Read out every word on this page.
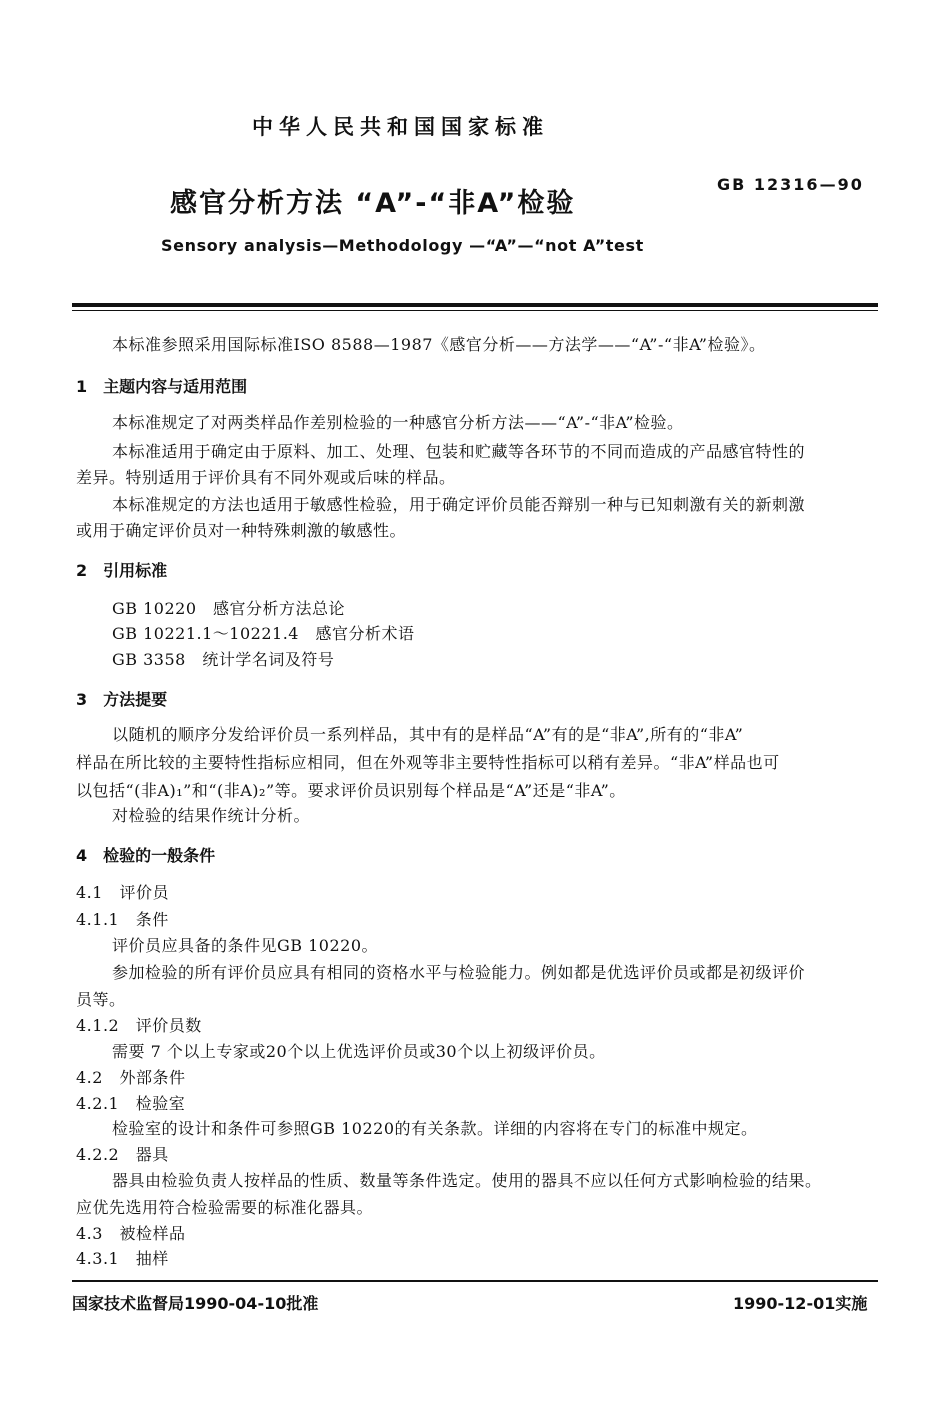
中华人民共和国国家标准
感官分析方法 “A”-“非A”检验
GB 12316—90
Sensory analysis—Methodology —“A”—“not A”test
本标准参照采用国际标准ISO 8588—1987《感官分析——方法学——“A”-“非A”检验》。
1　主题内容与适用范围
本标准规定了对两类样品作差别检验的一种感官分析方法——“A”-“非A”检验。
本标准适用于确定由于原料、加工、处理、包装和贮藏等各环节的不同而造成的产品感官特性的
差异。特别适用于评价具有不同外观或后味的样品。
本标准规定的方法也适用于敏感性检验，用于确定评价员能否辩别一种与已知刺激有关的新刺激
或用于确定评价员对一种特殊刺激的敏感性。
2　引用标准
GB 10220　感官分析方法总论
GB 10221.1～10221.4　感官分析术语
GB 3358　统计学名词及符号
3　方法提要
以随机的顺序分发给评价员一系列样品，其中有的是样品“A”有的是“非A”,所有的“非A”
样品在所比较的主要特性指标应相同，但在外观等非主要特性指标可以稍有差异。“非A”样品也可
以包括“(非A)₁”和“(非A)₂”等。要求评价员识别每个样品是“A”还是“非A”。
对检验的结果作统计分析。
4　检验的一般条件
4.1　评价员
4.1.1　条件
评价员应具备的条件见GB 10220。
参加检验的所有评价员应具有相同的资格水平与检验能力。例如都是优选评价员或都是初级评价
员等。
4.1.2　评价员数
需要 7 个以上专家或20个以上优选评价员或30个以上初级评价员。
4.2　外部条件
4.2.1　检验室
检验室的设计和条件可参照GB 10220的有关条款。详细的内容将在专门的标准中规定。
4.2.2　器具
器具由检验负责人按样品的性质、数量等条件选定。使用的器具不应以任何方式影响检验的结果。
应优先选用符合检验需要的标准化器具。
4.3　被检样品
4.3.1　抽样
国家技术监督局1990-04-10批准	1990-12-01实施
